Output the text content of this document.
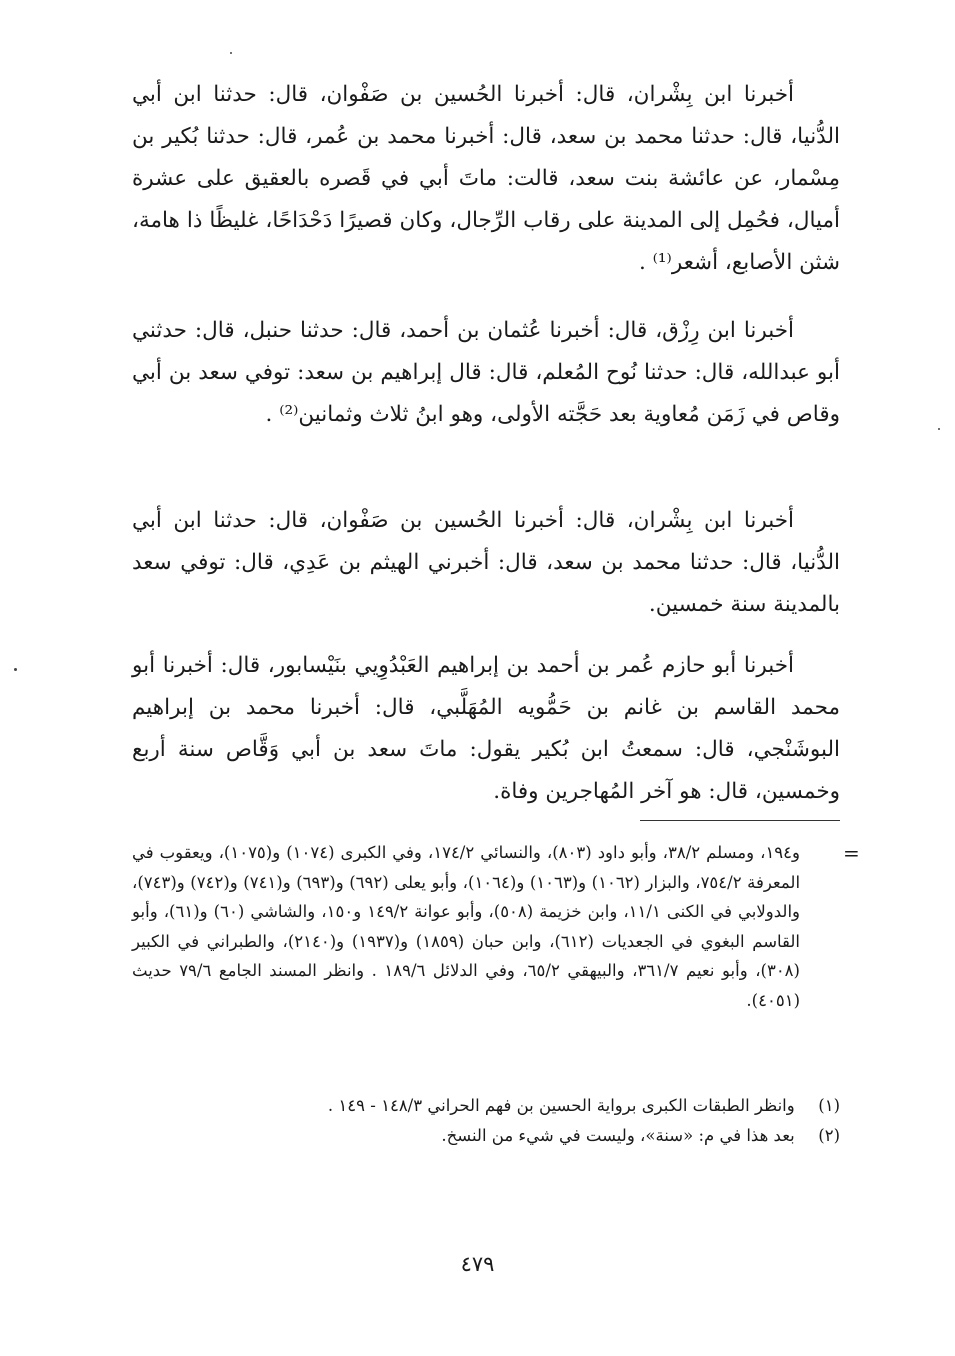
أخبرنا ابن بِشْران، قال: أخبرنا الحُسين بن صَفْوان، قال: حدثنا ابن أبي الدُّنيا، قال: حدثنا محمد بن سعد، قال: أخبرنا محمد بن عُمر، قال: حدثنا بُكير بن مِسْمار، عن عائشة بنت سعد، قالت: ماتَ أبي في قَصره بالعقيق على عشرة أميال، فحُمِل إلى المدينة على رقاب الرِّجال، وكان قصيرًا دَحْدَاحًا، غليظًا ذا هامة، شثن الأصابع، أشعر⁽¹⁾ .

أخبرنا ابن رِزْق، قال: أخبرنا عُثمان بن أحمد، قال: حدثنا حنبل، قال: حدثني أبو عبدالله، قال: حدثنا نُوح المُعلم، قال: قال إبراهيم بن سعد: توفي سعد بن أبي وقاص في زَمَن مُعاوية بعد حَجَّته الأولى، وهو ابنُ ثلاث وثمانين⁽²⁾ .

أخبرنا ابن بِشْران، قال: أخبرنا الحُسين بن صَفْوان، قال: حدثنا ابن أبي الدُّنيا، قال: حدثنا محمد بن سعد، قال: أخبرني الهيثم بن عَدِي، قال: توفي سعد بالمدينة سنة خمسين.

أخبرنا أبو حازم عُمر بن أحمد بن إبراهيم العَبْدُوِيي بنَيْسابور، قال: أخبرنا أبو محمد القاسم بن غانم بن حَمُّويه المُهَلَّبي، قال: أخبرنا محمد بن إبراهيم البوشَنْجي، قال: سمعتُ ابن بُكير يقول: ماتَ سعد بن أبي وَقَّاص سنة أربع وخمسين، قال: هو آخر المُهاجرين وفاة.

=

و١٩٤، ومسلم ٣٨/٢، وأبو داود (٨٠٣)، والنسائي ١٧٤/٢، وفي الكبرى (١٠٧٤) و(١٠٧٥)، ويعقوب في المعرفة ٧٥٤/٢، والبزار (١٠٦٢) و(١٠٦٣) و(١٠٦٤)، وأبو يعلى (٦٩٢) و(٦٩٣) و(٧٤١) و(٧٤٢) و(٧٤٣)، والدولابي في الكنى ١١/١، وابن خزيمة (٥٠٨)، وأبو عوانة ١٤٩/٢ و١٥٠، والشاشي (٦٠) و(٦١)، وأبو القاسم البغوي في الجعديات (٦١٢)، وابن حبان (١٨٥٩) و(١٩٣٧) و(٢١٤٠)، والطبراني في الكبير (٣٠٨)، وأبو نعيم ٣٦١/٧، والبيهقي ٦٥/٢، وفي الدلائل ١٨٩/٦ . وانظر المسند الجامع ٧٩/٦ حديث (٤٠٥١).

(١) وانظر الطبقات الكبرى برواية الحسين بن فهم الحراني ١٤٨/٣ - ١٤٩ .

(٢) بعد هذا في م: «سنة»، وليست في شيء من النسخ.

٤٧٩
